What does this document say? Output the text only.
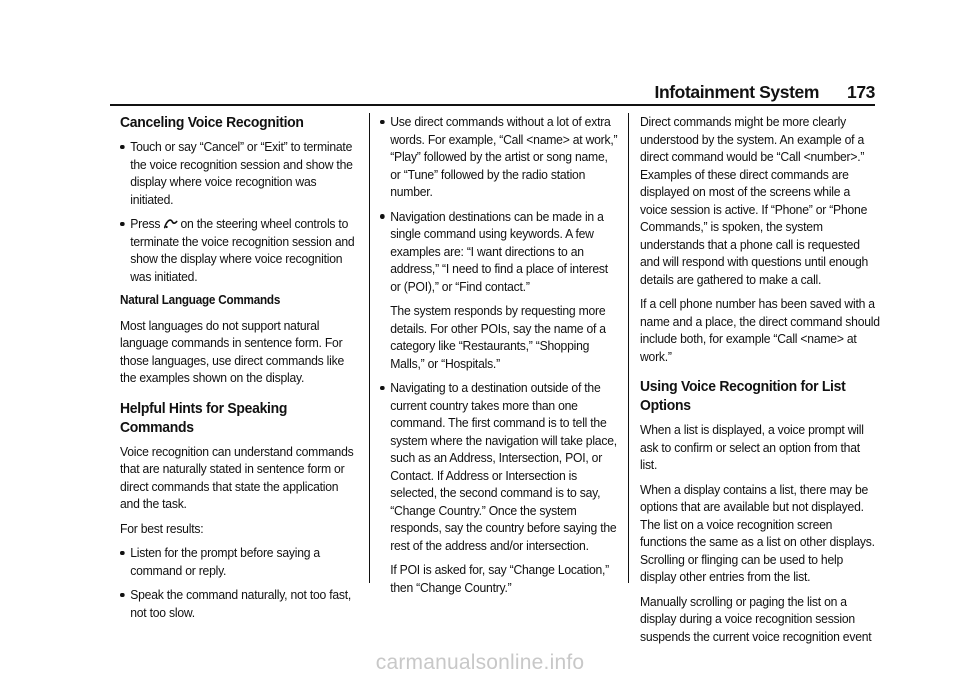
Infotainment System 173
Canceling Voice Recognition
Touch or say “Cancel” or “Exit” to terminate the voice recognition session and show the display where voice recognition was initiated.
Press on the steering wheel controls to terminate the voice recognition session and show the display where voice recognition was initiated.

Natural Language Commands

Most languages do not support natural language commands in sentence form. For those languages, use direct commands like the examples shown on the display.

Helpful Hints for Speaking Commands

Voice recognition can understand commands that are naturally stated in sentence form or direct commands that state the application and the task.

For best results:

Listen for the prompt before saying a command or reply.
Speak the command naturally, not too fast, not too slow.
Use direct commands without a lot of extra words. For example, “Call <name> at work,” “Play” followed by the artist or song name, or “Tune” followed by the radio station number.
Navigation destinations can be made in a single command using keywords. A few examples are: “I want directions to an address,” “I need to find a place of interest or (POI),” or “Find contact.”

The system responds by requesting more details. For other POIs, say the name of a category like “Restaurants,” “Shopping Malls,” or “Hospitals.”

Navigating to a destination outside of the current country takes more than one command. The first command is to tell the system where the navigation will take place, such as an Address, Intersection, POI, or Contact. If Address or Intersection is selected, the second command is to say, “Change Country.” Once the system responds, say the country before saying the rest of the address and/or intersection.

If POI is asked for, say “Change Location,” then “Change Country.”

Direct commands might be more clearly understood by the system. An example of a direct command would be “Call <number>.” Examples of these direct commands are displayed on most of the screens while a voice session is active. If “Phone” or “Phone Commands,” is spoken, the system understands that a phone call is requested and will respond with questions until enough details are gathered to make a call.

If a cell phone number has been saved with a name and a place, the direct command should include both, for example “Call <name> at work.”

Using Voice Recognition for List Options

When a list is displayed, a voice prompt will ask to confirm or select an option from that list.

When a display contains a list, there may be options that are available but not displayed. The list on a voice recognition screen functions the same as a list on other displays. Scrolling or flinging can be used to help display other entries from the list.

Manually scrolling or paging the list on a display during a voice recognition session suspends the current voice recognition event

carmanualsonline.info
